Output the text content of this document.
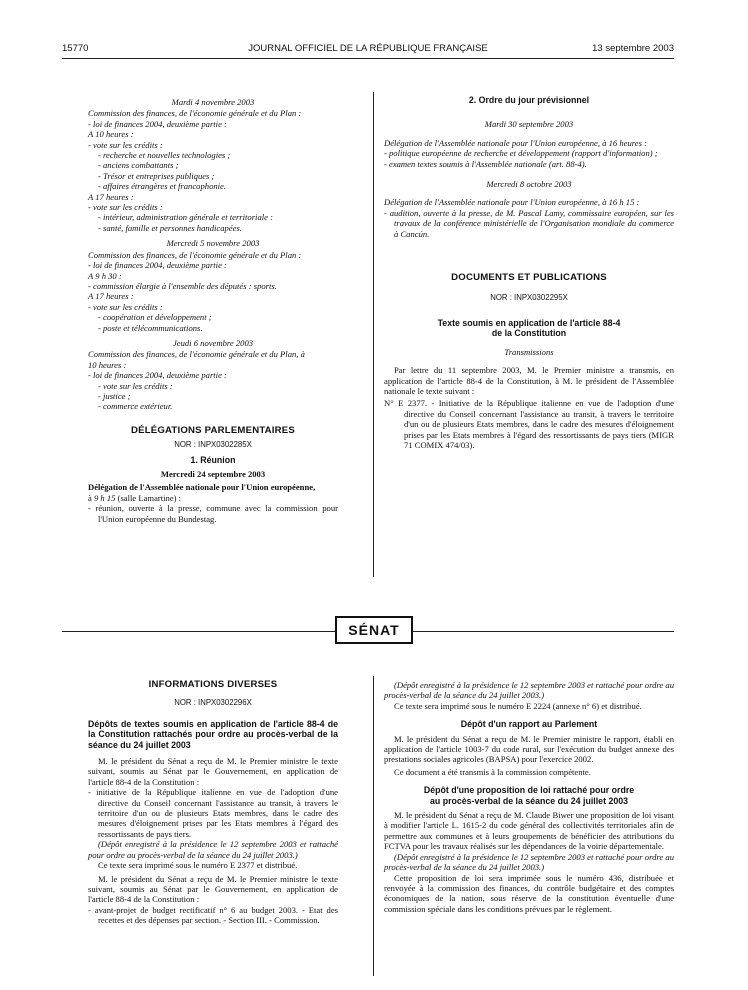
15770	JOURNAL OFFICIEL DE LA RÉPUBLIQUE FRANÇAISE	13 septembre 2003
Mardi 4 novembre 2003
Commission des finances, de l'économie générale et du Plan :
- loi de finances 2004, deuxième partie :
A 10 heures :
- vote sur les crédits :
- recherche et nouvelles technologies ;
- anciens combattants ;
- Trésor et entreprises publiques ;
- affaires étrangères et francophonie.
A 17 heures :
- vote sur les crédits :
- intérieur, administration générale et territoriale :
- santé, famille et personnes handicapées.
Mercredi 5 novembre 2003
Commission des finances, de l'économie générale et du Plan :
- loi de finances 2004, deuxième partie :
A 9 h 30 :
- commission élargie à l'ensemble des députés : sports.
A 17 heures :
- vote sur les crédits :
- coopération et développement ;
- poste et télécommunications.
Jeudi 6 novembre 2003
Commission des finances, de l'économie générale et du Plan, à
10 heures :
- loi de finances 2004, deuxième partie :
- vote sur les crédits :
- justice ;
- commerce extérieur.
DÉLÉGATIONS PARLEMENTAIRES
NOR : INPX0302285X
1. Réunion
Mercredi 24 septembre 2003
Délégation de l'Assemblée nationale pour l'Union européenne,
à 9 h 15 (salle Lamartine) :
- réunion, ouverte à la presse, commune avec la commission pour l'Union européenne du Bundestag.
2. Ordre du jour prévisionnel
Mardi 30 septembre 2003
Délégation de l'Assemblée nationale pour l'Union européenne, à 16 heures :
- politique européenne de recherche et développement (rapport d'information) ;
- examen textes soumis à l'Assemblée nationale (art. 88-4).
Mercredi 8 octobre 2003
Délégation de l'Assemblée nationale pour l'Union européenne, à 16 h 15 :
- audition, ouverte à la presse, de M. Pascal Lamy, commissaire européen, sur les travaux de la conférence ministérielle de l'Organisation mondiale du commerce à Cancún.
DOCUMENTS ET PUBLICATIONS
NOR : INPX0302295X
Texte soumis en application de l'article 88-4
de la Constitution
Transmissions
Par lettre du 11 septembre 2003, M. le Premier ministre a transmis, en application de l'article 88-4 de la Constitution, à M. le président de l'Assemblée nationale le texte suivant :
N° E 2377. - Initiative de la République italienne en vue de l'adoption d'une directive du Conseil concernant l'assistance au transit, à travers le territoire d'un ou de plusieurs Etats membres, dans le cadre des mesures d'éloignement prises par les Etats membres à l'égard des ressortissants de pays tiers (MIGR 71 COMIX 474/03).
SÉNAT
INFORMATIONS DIVERSES
NOR : INPX0302296X
Dépôts de textes soumis en application de l'article 88-4 de la Constitution rattachés pour ordre au procès-verbal de la séance du 24 juillet 2003
M. le président du Sénat a reçu de M. le Premier ministre le texte suivant, soumis au Sénat par le Gouvernement, en application de l'article 88-4 de la Constitution :
- initiative de la République italienne en vue de l'adoption d'une directive du Conseil concernant l'assistance au transit, à travers le territoire d'un ou de plusieurs Etats membres, dans le cadre des mesures d'éloignement prises par les Etats membres à l'égard des ressortissants de pays tiers.
(Dépôt enregistré à la présidence le 12 septembre 2003 et rattaché pour ordre au procès-verbal de la séance du 24 juillet 2003.)
Ce texte sera imprimé sous le numéro E 2377 et distribué.
M. le président du Sénat a reçu de M. le Premier ministre le texte suivant, soumis au Sénat par le Gouvernement, en application de l'article 88-4 de la Constitution :
- avant-projet de budget rectificatif n° 6 au budget 2003. - Etat des recettes et des dépenses par section. - Section III. - Commission.
(Dépôt enregistré à la présidence le 12 septembre 2003 et rattaché pour ordre au procès-verbal de la séance du 24 juillet 2003.)
Ce texte sera imprimé sous le numéro E 2224 (annexe n° 6) et distribué.
Dépôt d'un rapport au Parlement
M. le président du Sénat a reçu de M. le Premier ministre le rapport, établi en application de l'article 1003-7 du code rural, sur l'exécution du budget annexe des prestations sociales agricoles (BAPSA) pour l'exercice 2002.
Ce document a été transmis à la commission compétente.
Dépôt d'une proposition de loi rattaché pour ordre
au procès-verbal de la séance du 24 juillet 2003
M. le président du Sénat a reçu de M. Claude Biwer une proposition de loi visant à modifier l'article L. 1615-2 du code général des collectivités territoriales afin de permettre aux communes et à leurs groupements de bénéficier des attributions du FCTVA pour les travaux réalisés sur les dépendances de la voirie départementale.
(Dépôt enregistré à la présidence le 12 septembre 2003 et rattaché pour ordre au procès-verbal de la séance du 24 juillet 2003.)
Cette proposition de loi sera imprimée sous le numéro 436, distribuée et renvoyée à la commission des finances, du contrôle budgétaire et des comptes économiques de la nation, sous réserve de la constitution éventuelle d'une commission spéciale dans les conditions prévues par le règlement.
